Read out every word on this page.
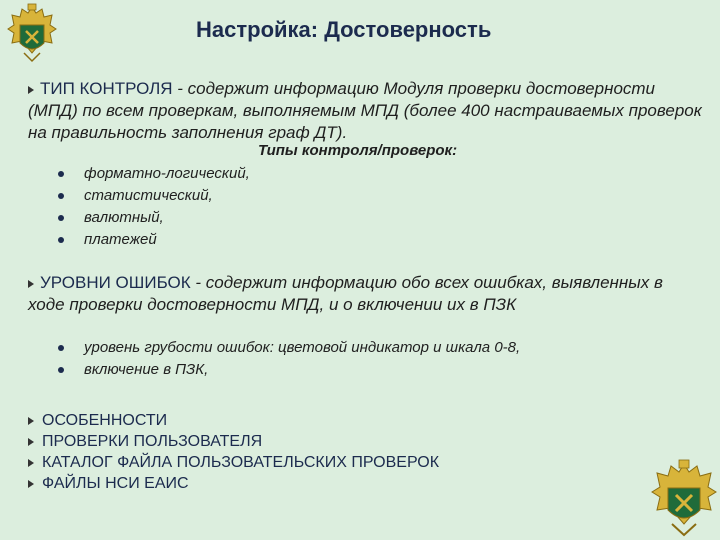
Настройка: Достоверность
ТИП КОНТРОЛЯ - содержит информацию Модуля проверки достоверности (МПД) по всем проверкам, выполняемым МПД (более 400 настраиваемых проверок на правильность заполнения граф ДТ).

Типы контроля/проверок:

форматно-логический,
статистический,
валютный,
платежей
УРОВНИ ОШИБОК - содержит информацию обо всех ошибках, выявленных в ходе проверки достоверности МПД, и о включении их в ПЗК
уровень грубости ошибок: цветовой индикатор и шкала 0-8,
включение в ПЗК,
ОСОБЕННОСТИ
ПРОВЕРКИ ПОЛЬЗОВАТЕЛЯ
КАТАЛОГ ФАЙЛА ПОЛЬЗОВАТЕЛЬСКИХ ПРОВЕРОК
ФАЙЛЫ НСИ ЕАИС
